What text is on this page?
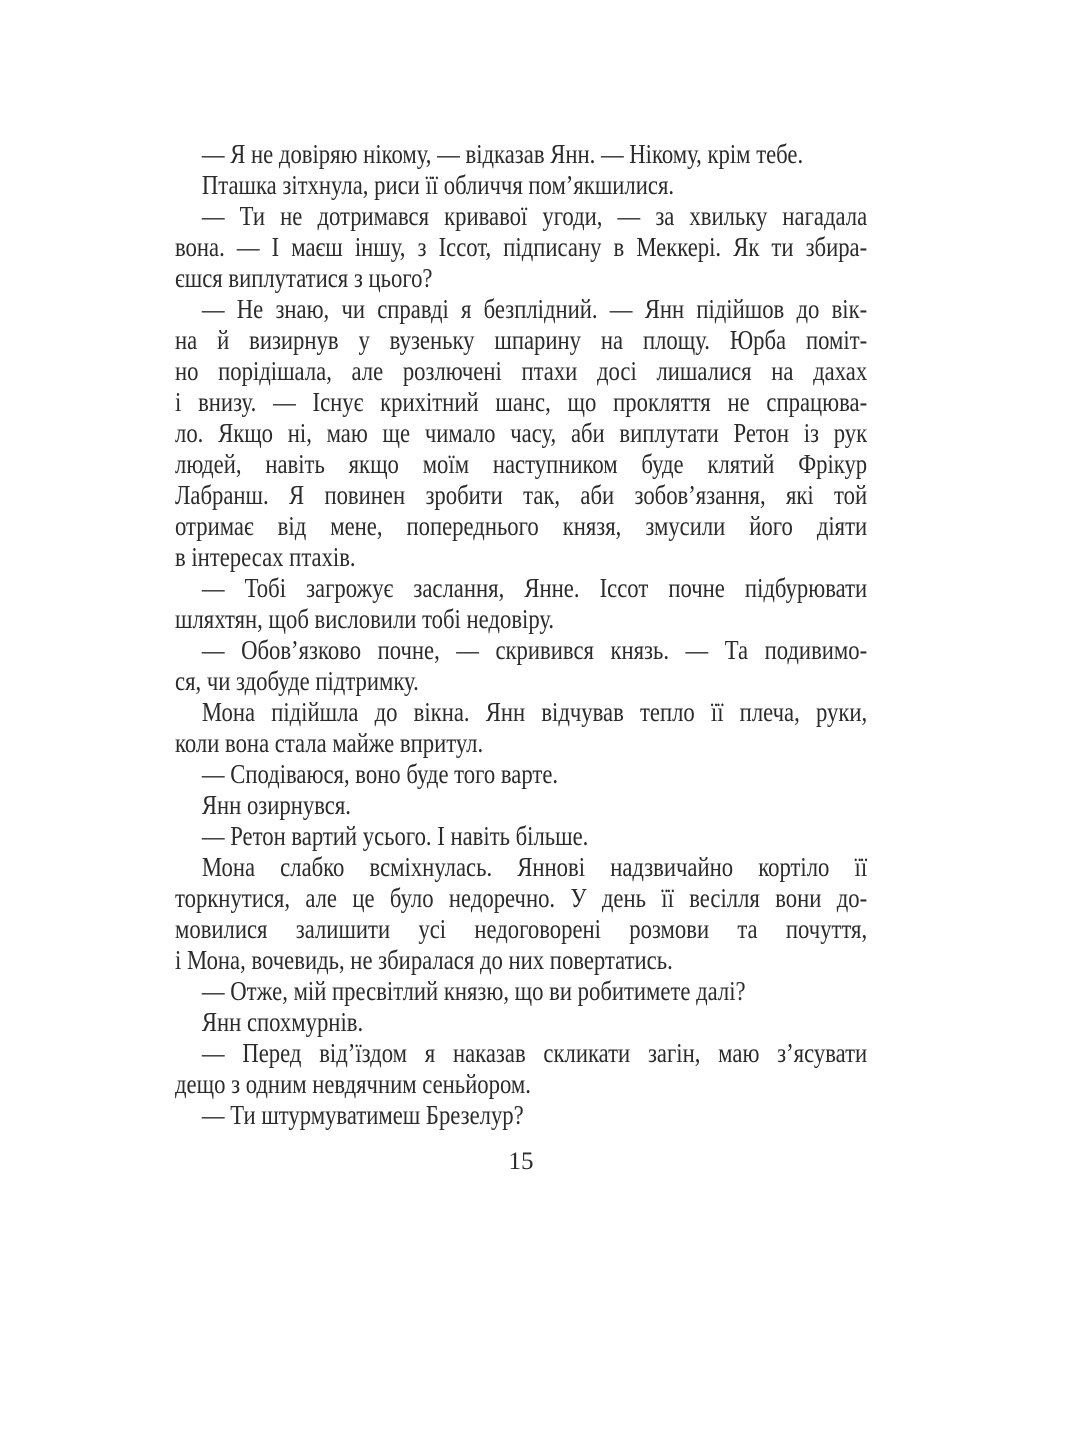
— Я не довіряю нікому, — відказав Янн. — Нікому, крім тебе.
Пташка зітхнула, риси її обличчя пом’якшилися.
— Ти не дотримався кривавої угоди, — за хвильку нагадала
вона. — І маєш іншу, з Іссот, підписану в Меккері. Як ти збира-
єшся виплутатися з цього?
— Не знаю, чи справді я безплідний. — Янн підійшов до вік-
на й визирнув у вузеньку шпарину на площу. Юрба поміт-
но порідішала, але розлючені птахи досі лишалися на дахах
і внизу. — Існує крихітний шанс, що прокляття не спрацюва-
ло. Якщо ні, маю ще чимало часу, аби виплутати Ретон із рук
людей, навіть якщо моїм наступником буде клятий Фрікур
Лабранш. Я повинен зробити так, аби зобов’язання, які той
отримає від мене, попереднього князя, змусили його діяти
в інтересах птахів.
— Тобі загрожує заслання, Янне. Іссот почне підбурювати
шляхтян, щоб висловили тобі недовіру.
— Обов’язково почне, — скривився князь. — Та подивимо-
ся, чи здобуде підтримку.
Мона підійшла до вікна. Янн відчував тепло її плеча, руки,
коли вона стала майже впритул.
— Сподіваюся, воно буде того варте.
Янн озирнувся.
— Ретон вартий усього. І навіть більше.
Мона слабко всміхнулась. Яннові надзвичайно кортіло її
торкнутися, але це було недоречно. У день її весілля вони до-
мовилися залишити усі недоговорені розмови та почуття,
і Мона, вочевидь, не збиралася до них повертатись.
— Отже, мій пресвітлий князю, що ви робитимете далі?
Янн спохмурнів.
— Перед від’їздом я наказав скликати загін, маю з’ясувати
дещо з одним невдячним сеньйором.
— Ти штурмуватимеш Брезелур?
15
